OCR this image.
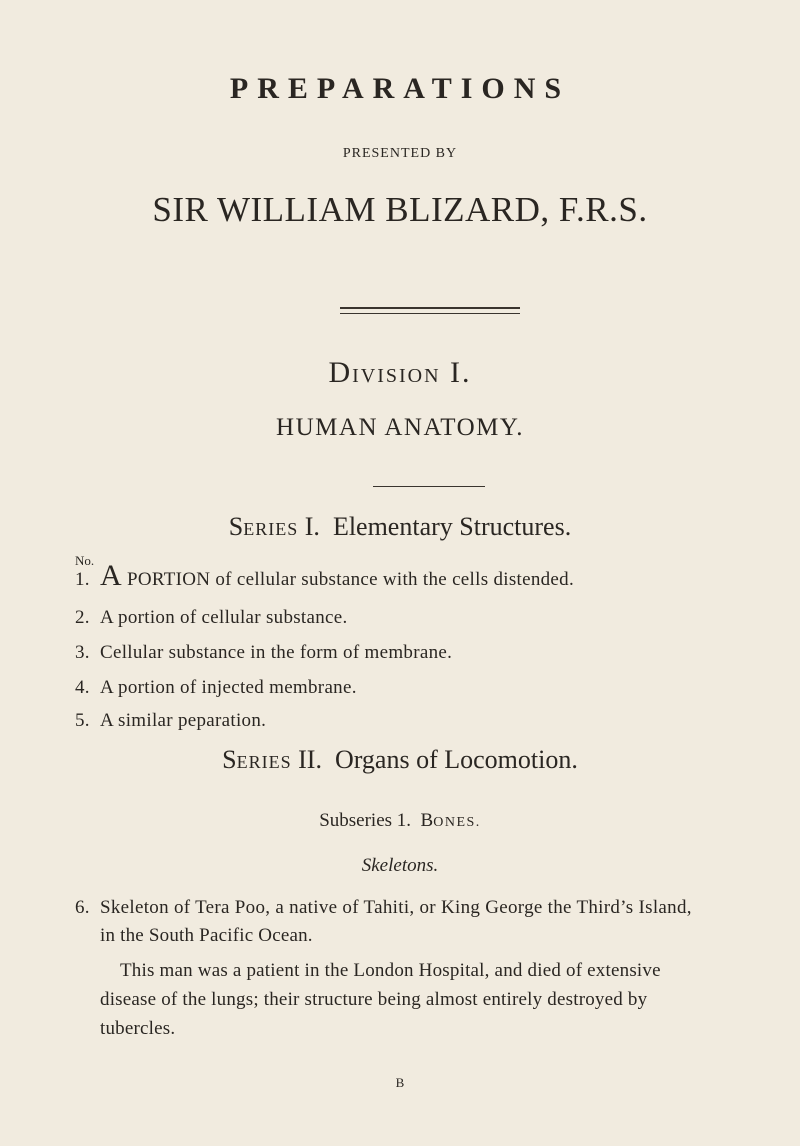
PREPARATIONS
PRESENTED BY
SIR WILLIAM BLIZARD, F.R.S.
DIVISION I.
HUMAN ANATOMY.
SERIES I. Elementary Structures.
No.
1. A PORTION of cellular substance with the cells distended.
2. A portion of cellular substance.
3. Cellular substance in the form of membrane.
4. A portion of injected membrane.
5. A similar peparation.
SERIES II. Organs of Locomotion.
Subseries 1. BONES.
Skeletons.
6. Skeleton of Tera Poo, a native of Tahiti, or King George the Third’s Island,
in the South Pacific Ocean.
This man was a patient in the London Hospital, and died of extensive
disease of the lungs; their structure being almost entirely destroyed by
tubercles.
B
